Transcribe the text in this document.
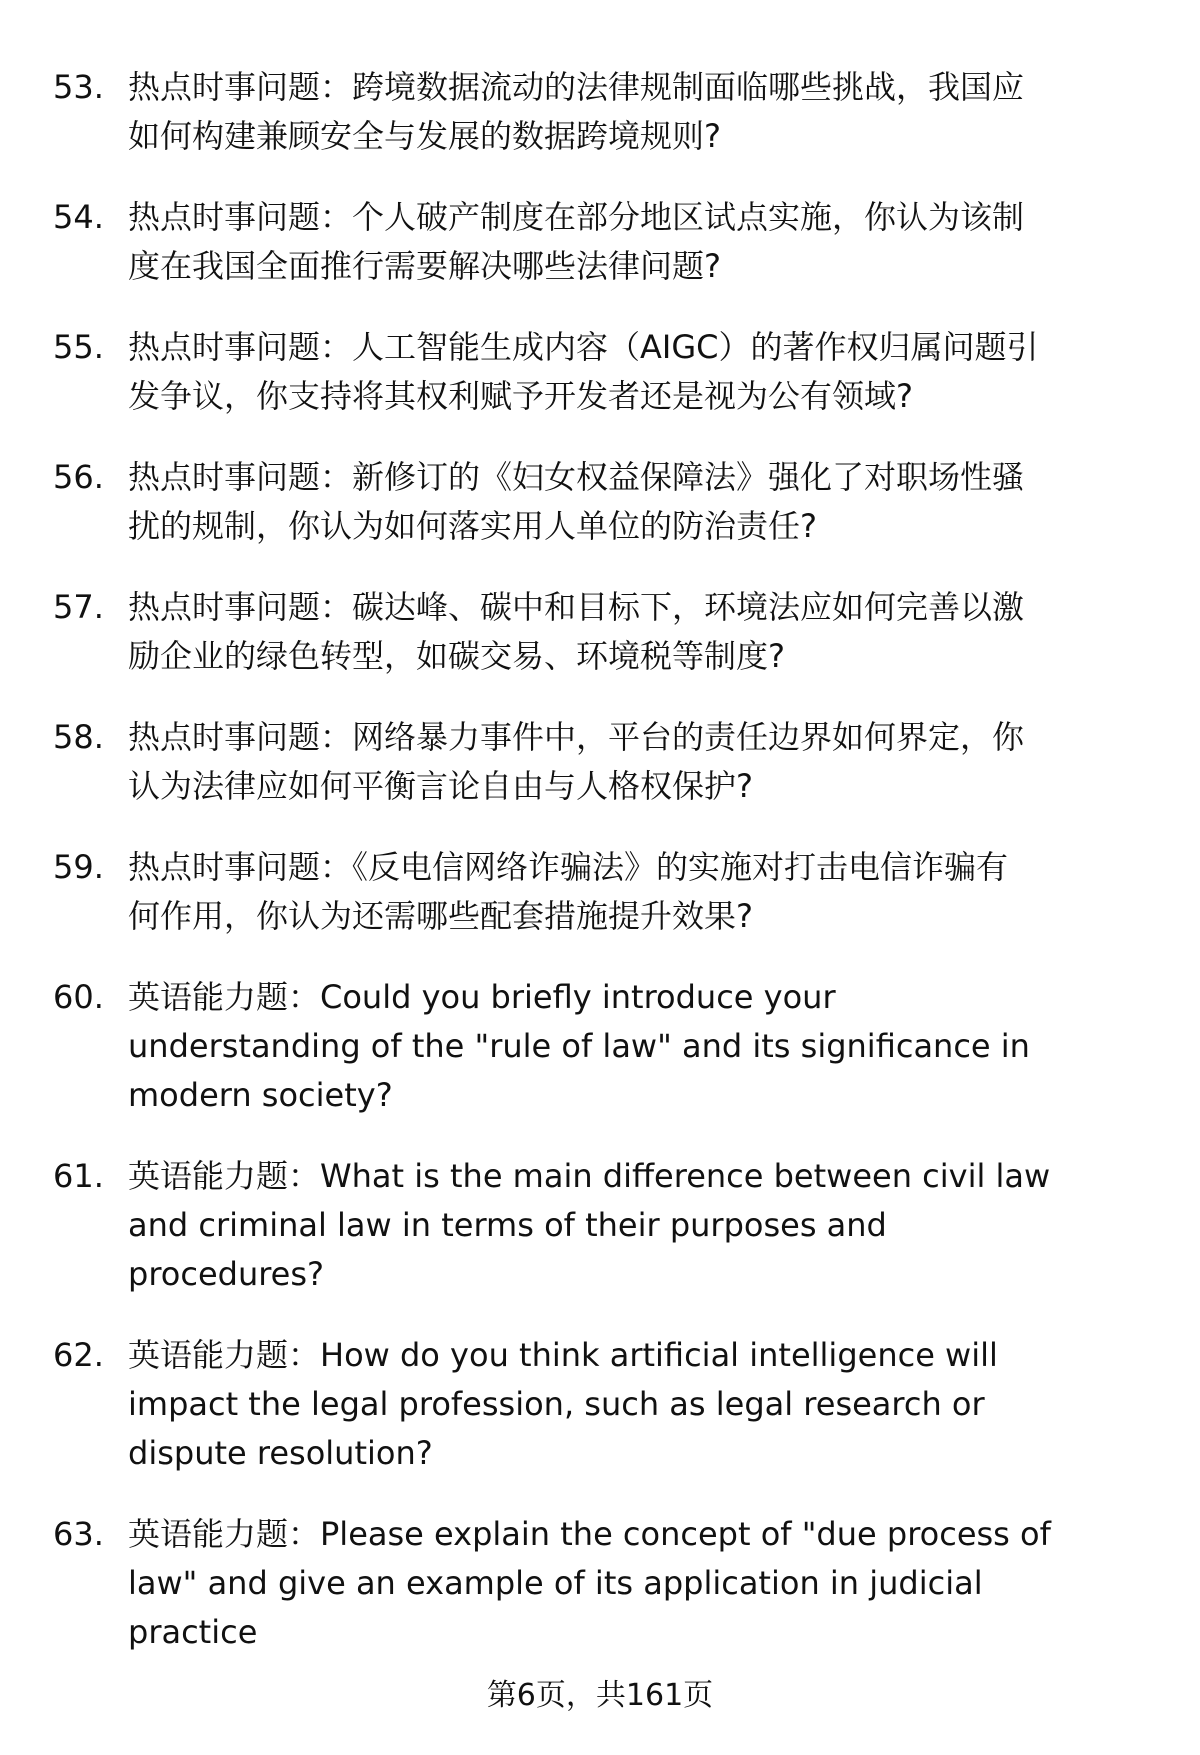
53. 热点时事问题：跨境数据流动的法律规制面临哪些挑战，我国应
如何构建兼顾安全与发展的数据跨境规则?
54. 热点时事问题：个人破产制度在部分地区试点实施，你认为该制
度在我国全面推行需要解决哪些法律问题?
55. 热点时事问题：人工智能生成内容（AIGC）的著作权归属问题引
发争议，你支持将其权利赋予开发者还是视为公有领域?
56. 热点时事问题：新修订的《妇女权益保障法》强化了对职场性骚
扰的规制，你认为如何落实用人单位的防治责任?
57. 热点时事问题：碳达峰、碳中和目标下，环境法应如何完善以激
励企业的绿色转型，如碳交易、环境税等制度?
58. 热点时事问题：网络暴力事件中，平台的责任边界如何界定，你
认为法律应如何平衡言论自由与人格权保护?
59. 热点时事问题：《反电信网络诈骗法》的实施对打击电信诈骗有
何作用，你认为还需哪些配套措施提升效果?
60. 英语能力题：Could you briefly introduce your
understanding of the "rule of law" and its significance in
modern society?
61. 英语能力题：What is the main difference between civil law
and criminal law in terms of their purposes and
procedures?
62. 英语能力题：How do you think artificial intelligence will
impact the legal profession, such as legal research or
dispute resolution?
63. 英语能力题：Please explain the concept of "due process of
law" and give an example of its application in judicial
practice
第6页，共161页
